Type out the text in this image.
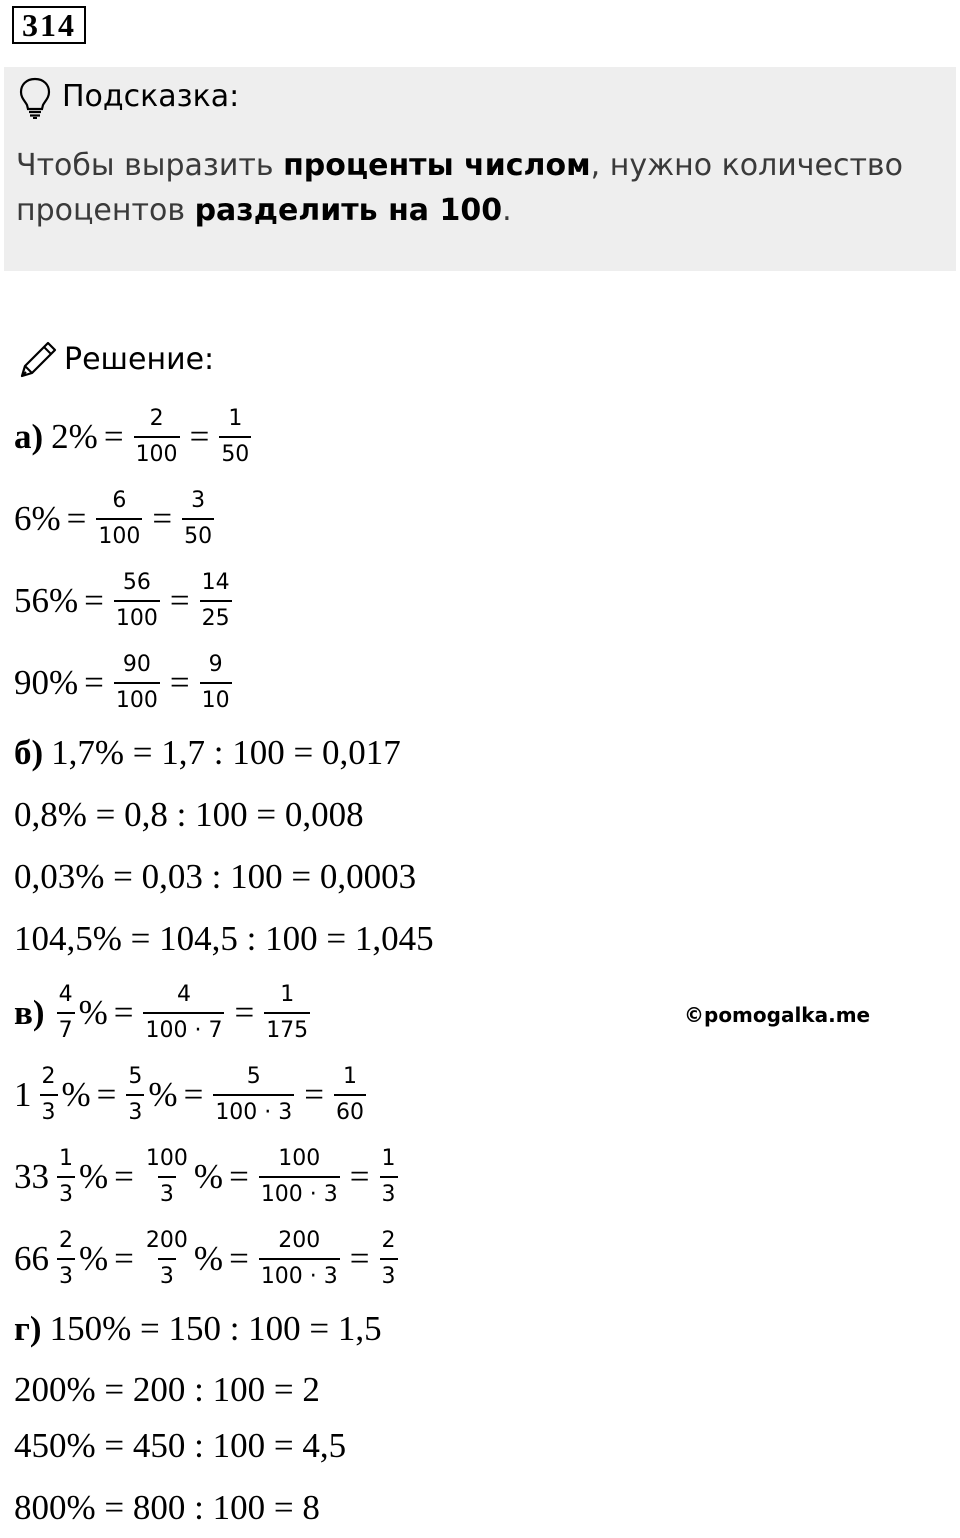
314
Подсказка:
Чтобы выразить проценты числом, нужно количество процентов разделить на 100.
Решение:
а) $2\% = \frac{2}{100} = \frac{1}{50}$
$6\% = \frac{6}{100} = \frac{3}{50}$
$56\% = \frac{56}{100} = \frac{14}{25}$
$90\% = \frac{90}{100} = \frac{9}{10}$
б) 1,7% = 1,7 : 100 = 0,017
0,8% = 0,8 : 100 = 0,008
0,03% = 0,03 : 100 = 0,0003
104,5% = 104,5 : 100 = 1,045
$в) \frac{4}{7}$ % = $\frac{4}{100 \cdot 7} = \frac{1}{175}$
$1 \frac{2}{3}$ % = $\frac{5}{3}$ % = $\frac{5}{100 \cdot 3} = \frac{1}{60}$
$33 \frac{1}{3}$ % = $\frac{100}{3}$ % = $\frac{100}{100 \cdot 3} = \frac{1}{3}$
$66 \frac{2}{3}$ % = $\frac{200}{3}$ % = $\frac{200}{100 \cdot 3} = \frac{2}{3}$
©pomogalka.me
г) 150% = 150 : 100 = 1,5
200% = 200 : 100 = 2
450% = 450 : 100 = 4,5
800% = 800 : 100 = 8
